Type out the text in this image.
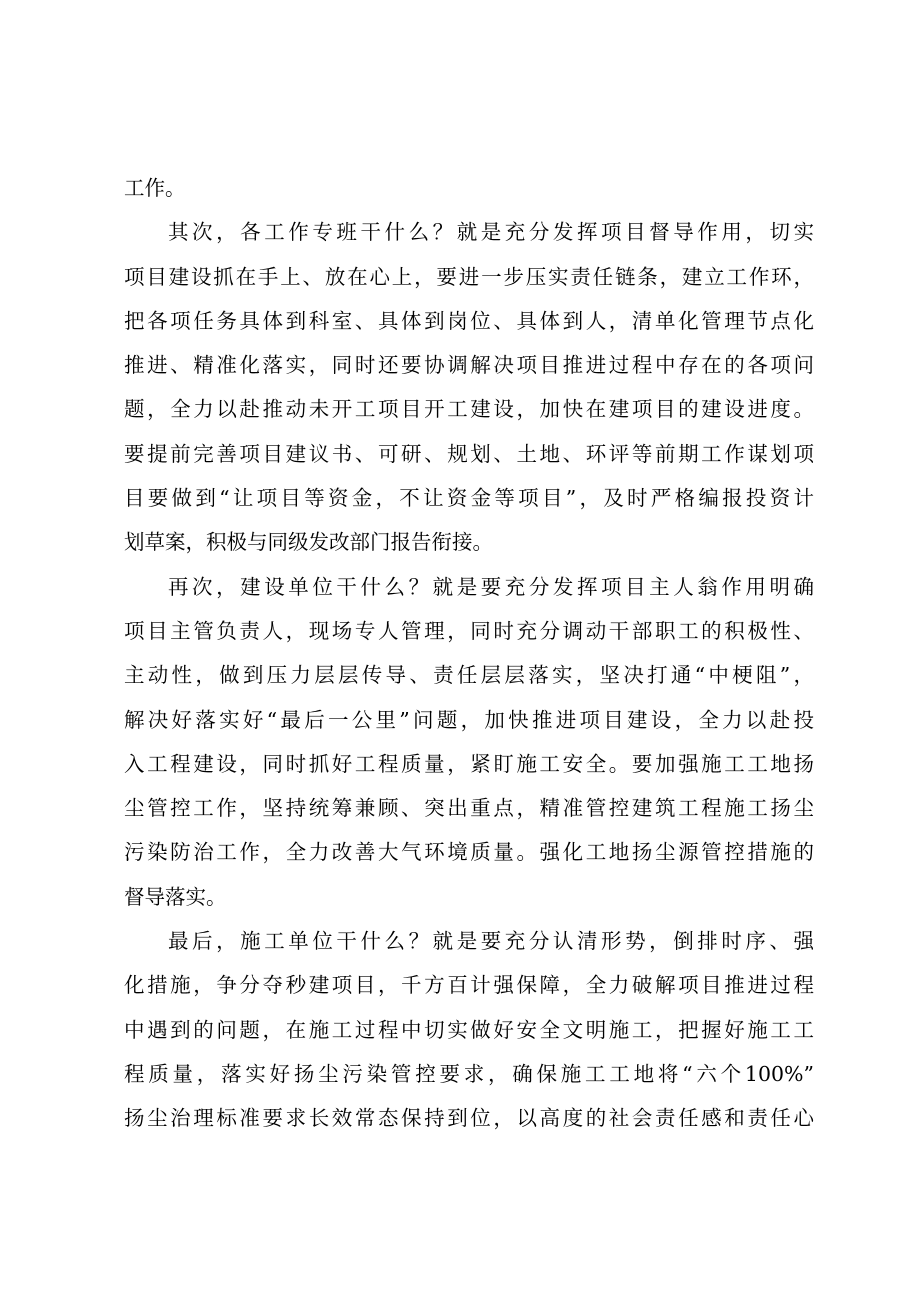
工作。
其次，各工作专班干什么？就是充分发挥项目督导作用，切实
项目建设抓在手上、放在心上，要进一步压实责任链条，建立工作环，
把各项任务具体到科室、具体到岗位、具体到人，清单化管理节点化
推进、精准化落实，同时还要协调解决项目推进过程中存在的各项问
题，全力以赴推动未开工项目开工建设，加快在建项目的建设进度。
要提前完善项目建议书、可研、规划、土地、环评等前期工作谋划项
目要做到“让项目等资金，不让资金等项目”，及时严格编报投资计
划草案，积极与同级发改部门报告衔接。
再次，建设单位干什么？就是要充分发挥项目主人翁作用明确
项目主管负责人，现场专人管理，同时充分调动干部职工的积极性、
主动性，做到压力层层传导、责任层层落实，坚决打通“中梗阻”，
解决好落实好“最后一公里”问题，加快推进项目建设，全力以赴投
入工程建设，同时抓好工程质量，紧盯施工安全。要加强施工工地扬
尘管控工作，坚持统筹兼顾、突出重点，精准管控建筑工程施工扬尘
污染防治工作，全力改善大气环境质量。强化工地扬尘源管控措施的
督导落实。
最后，施工单位干什么？就是要充分认清形势，倒排时序、强
化措施，争分夺秒建项目，千方百计强保障，全力破解项目推进过程
中遇到的问题，在施工过程中切实做好安全文明施工，把握好施工工
程质量，落实好扬尘污染管控要求，确保施工工地将“六个100%”
扬尘治理标准要求长效常态保持到位，以高度的社会责任感和责任心
